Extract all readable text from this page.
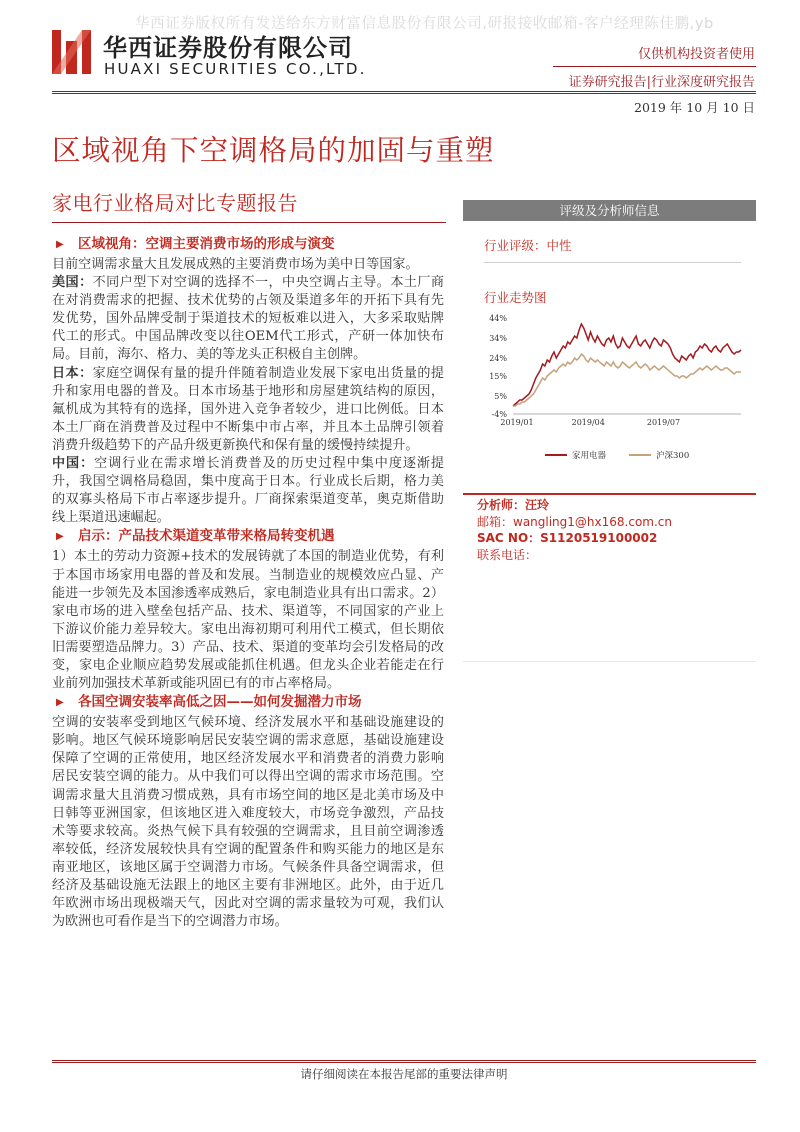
华西证券版权所有发送给东方财富信息股份有限公司,研报接收邮箱-客户经理陈佳鹏,yb
华西证券股份有限公司
HUAXI SECURITIES CO.,LTD.
仅供机构投资者使用
证券研究报告|行业深度研究报告
2019 年 10 月 10 日
区域视角下空调格局的加固与重塑
家电行业格局对比专题报告
▶ 区域视角：空调主要消费市场的形成与演变

目前空调需求量大且发展成熟的主要消费市场为美中日等国家。

美国：不同户型下对空调的选择不一，中央空调占主导。本土厂商在对消费需求的把握、技术优势的占领及渠道多年的开拓下具有先发优势，国外品牌受制于渠道技术的短板难以进入，大多采取贴牌代工的形式。中国品牌改变以往OEM代工形式，产研一体加快布局。目前，海尔、格力、美的等龙头正积极自主创牌。

日本：家庭空调保有量的提升伴随着制造业发展下家电出货量的提升和家用电器的普及。日本市场基于地形和房屋建筑结构的原因，氟机成为其特有的选择，国外进入竞争者较少，进口比例低。日本本土厂商在消费普及过程中不断集中市占率，并且本土品牌引领着消费升级趋势下的产品升级更新换代和保有量的缓慢持续提升。

中国：空调行业在需求增长消费普及的历史过程中集中度逐渐提升，我国空调格局稳固，集中度高于日本。行业成长后期，格力美的双寡头格局下市占率逐步提升。厂商探索渠道变革，奥克斯借助线上渠道迅速崛起。

▶ 启示：产品技术渠道变革带来格局转变机遇

1）本土的劳动力资源+技术的发展铸就了本国的制造业优势，有利于本国市场家用电器的普及和发展。当制造业的规模效应凸显、产能进一步领先及本国渗透率成熟后，家电制造业具有出口需求。2）家电市场的进入壁垒包括产品、技术、渠道等，不同国家的产业上下游议价能力差异较大。家电出海初期可利用代工模式，但长期依旧需要塑造品牌力。3）产品、技术、渠道的变革均会引发格局的改变，家电企业顺应趋势发展或能抓住机遇。但龙头企业若能走在行业前列加强技术革新或能巩固已有的市占率格局。

▶ 各国空调安装率高低之因——如何发掘潜力市场

空调的安装率受到地区气候环境、经济发展水平和基础设施建设的影响。地区气候环境影响居民安装空调的需求意愿，基础设施建设保障了空调的正常使用，地区经济发展水平和消费者的消费力影响居民安装空调的能力。从中我们可以得出空调的需求市场范围。空调需求量大且消费习惯成熟，具有市场空间的地区是北美市场及中日韩等亚洲国家，但该地区进入难度较大，市场竞争激烈，产品技术等要求较高。炎热气候下具有较强的空调需求，且目前空调渗透率较低，经济发展较快具有空调的配置条件和购买能力的地区是东南亚地区，该地区属于空调潜力市场。气候条件具备空调需求，但经济及基础设施无法跟上的地区主要有非洲地区。此外，由于近几年欧洲市场出现极端天气，因此对空调的需求量较为可观，我们认为欧洲也可看作是当下的空调潜力市场。

评级及分析师信息
行业评级：中性
行业走势图
44%
34%
24%
15%
5%
-4%
2019/01	2019/04	2019/07
家用电器	沪深300
分析师：汪玲
邮箱：wangling1@hx168.com.cn
SAC NO：S1120519100002
联系电话：
请仔细阅读在本报告尾部的重要法律声明
